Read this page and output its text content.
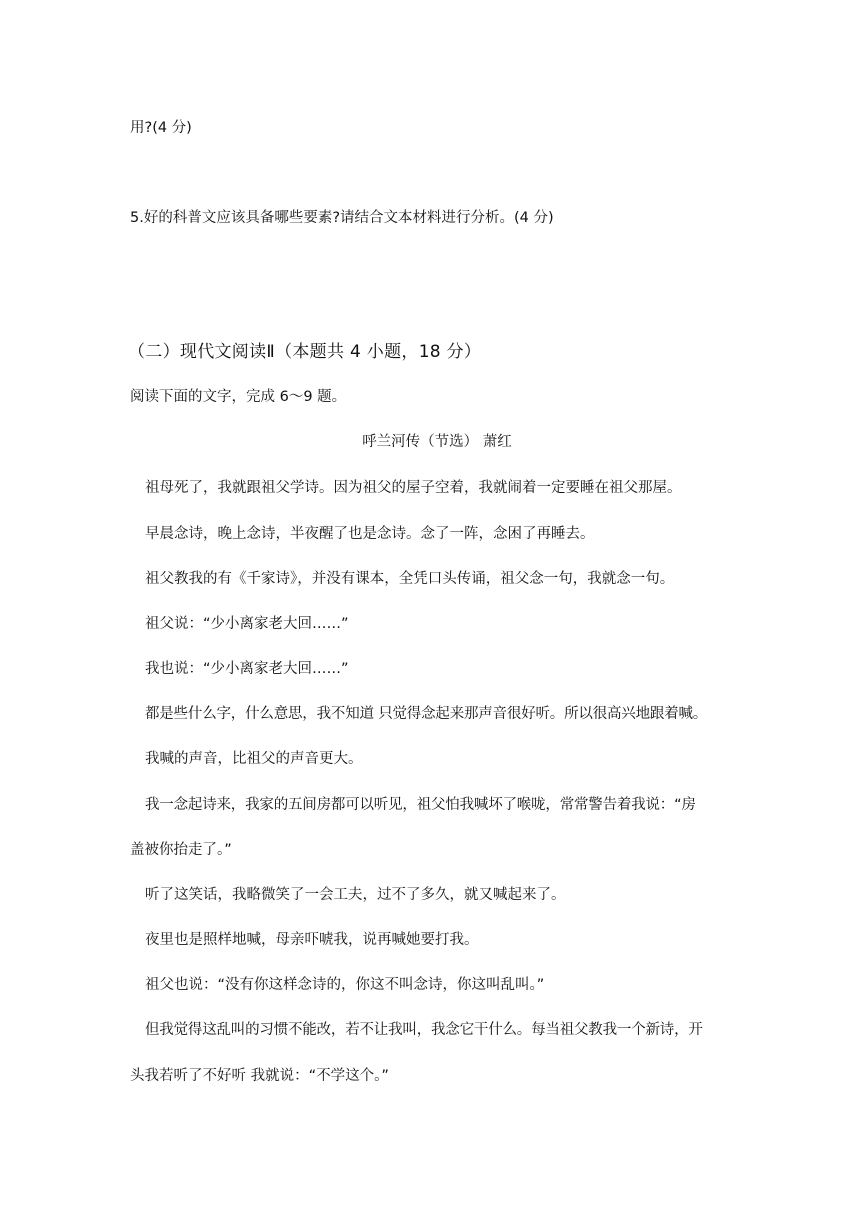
用?(4 分)
5.好的科普文应该具备哪些要素?请结合文本材料进行分析。(4 分)
（二）现代文阅读Ⅱ（本题共 4 小题，18 分）
阅读下面的文字，完成 6～9 题。
呼兰河传（节选） 萧红
祖母死了，我就跟祖父学诗。因为祖父的屋子空着，我就闹着一定要睡在祖父那屋。
早晨念诗，晚上念诗，半夜醒了也是念诗。念了一阵，念困了再睡去。
祖父教我的有《千家诗》，并没有课本，全凭口头传诵，祖父念一句，我就念一句。
祖父说：“少小离家老大回……”
我也说：“少小离家老大回……”
都是些什么字，什么意思，我不知道 只觉得念起来那声音很好听。所以很高兴地跟着喊。
我喊的声音，比祖父的声音更大。
我一念起诗来，我家的五间房都可以听见，祖父怕我喊坏了喉咙，常常警告着我说：“房
盖被你抬走了。”
听了这笑话，我略微笑了一会工夫，过不了多久，就又喊起来了。
夜里也是照样地喊，母亲吓唬我，说再喊她要打我。
祖父也说：“没有你这样念诗的，你这不叫念诗，你这叫乱叫。”
但我觉得这乱叫的习惯不能改，若不让我叫，我念它干什么。每当祖父教我一个新诗，开
头我若听了不好听 我就说：“不学这个。”
